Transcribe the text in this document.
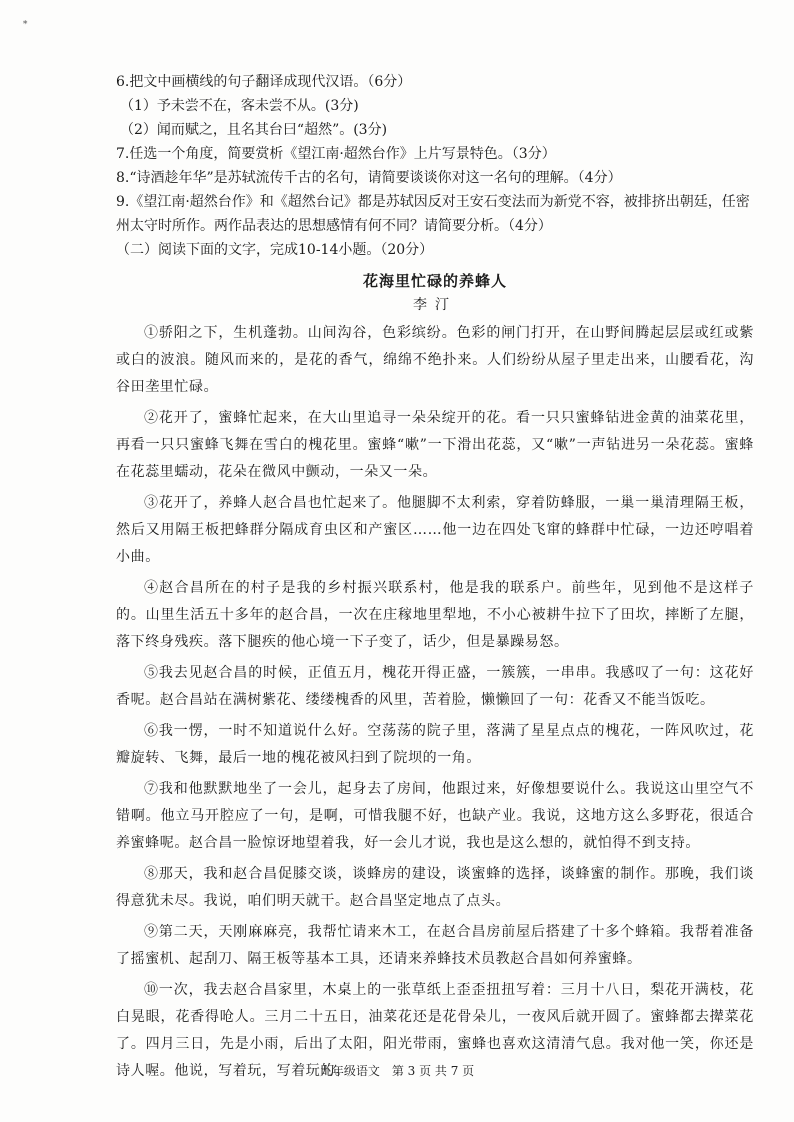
∗

6.把文中画横线的句子翻译成现代汉语。（6分）

（1）予未尝不在，客未尝不从。(3分)

（2）闻而赋之，且名其台曰“超然”。(3分)

7.任选一个角度，简要赏析《望江南·超然台作》上片写景特色。（3分）

8.“诗酒趁年华”是苏轼流传千古的名句，请简要谈谈你对这一名句的理解。（4分）

9.《望江南·超然台作》和《超然台记》都是苏轼因反对王安石变法而为新党不容，被排挤出朝廷，任密州太守时所作。两作品表达的思想感情有何不同？请简要分析。（4分）

（二）阅读下面的文字，完成10-14小题。（20分）

花海里忙碌的养蜂人
李汀

①骄阳之下，生机蓬勃。山间沟谷，色彩缤纷。色彩的闸门打开，在山野间腾起层层或红或紫或白的波浪。随风而来的，是花的香气，绵绵不绝扑来。人们纷纷从屋子里走出来，山腰看花，沟谷田垄里忙碌。

②花开了，蜜蜂忙起来，在大山里追寻一朵朵绽开的花。看一只只蜜蜂钻进金黄的油菜花里，再看一只只蜜蜂飞舞在雪白的槐花里。蜜蜂“嗽”一下滑出花蕊，又“嗽”一声钻进另一朵花蕊。蜜蜂在花蕊里蠕动，花朵在微风中颤动，一朵又一朵。

③花开了，养蜂人赵合昌也忙起来了。他腿脚不太利索，穿着防蜂服，一巢一巢清理隔王板，然后又用隔王板把蜂群分隔成育虫区和产蜜区……他一边在四处飞窜的蜂群中忙碌，一边还哼唱着小曲。

④赵合昌所在的村子是我的乡村振兴联系村，他是我的联系户。前些年，见到他不是这样子的。山里生活五十多年的赵合昌，一次在庄稼地里犁地，不小心被耕牛拉下了田坎，摔断了左腿，落下终身残疾。落下腿疾的他心境一下子变了，话少，但是暴躁易怒。

⑤我去见赵合昌的时候，正值五月，槐花开得正盛，一簇簇，一串串。我感叹了一句：这花好香呢。赵合昌站在满树紫花、缕缕槐香的风里，苦着脸，懒懒回了一句：花香又不能当饭吃。

⑥我一愣，一时不知道说什么好。空荡荡的院子里，落满了星星点点的槐花，一阵风吹过，花瓣旋转、飞舞，最后一地的槐花被风扫到了院坝的一角。

⑦我和他默默地坐了一会儿，起身去了房间，他跟过来，好像想要说什么。我说这山里空气不错啊。他立马开腔应了一句，是啊，可惜我腿不好，也缺产业。我说，这地方这么多野花，很适合养蜜蜂呢。赵合昌一脸惊讶地望着我，好一会儿才说，我也是这么想的，就怕得不到支持。

⑧那天，我和赵合昌促膝交谈，谈蜂房的建设，谈蜜蜂的选择，谈蜂蜜的制作。那晚，我们谈得意犹未尽。我说，咱们明天就干。赵合昌坚定地点了点头。

⑨第二天，天刚麻麻亮，我帮忙请来木工，在赵合昌房前屋后搭建了十多个蜂箱。我帮着准备了摇蜜机、起刮刀、隔王板等基本工具，还请来养蜂技术员教赵合昌如何养蜜蜂。

⑩一次，我去赵合昌家里，木桌上的一张草纸上歪歪扭扭写着：三月十八日，梨花开满枝，花白晃眼，花香得呛人。三月二十五日，油菜花还是花骨朵儿，一夜风后就开圆了。蜜蜂都去撵菜花了。四月三日，先是小雨，后出了太阳，阳光带雨，蜜蜂也喜欢这清清气息。我对他一笑，你还是诗人喔。他说，写着玩，写着玩的。

九年级语文　第 3 页 共 7 页
